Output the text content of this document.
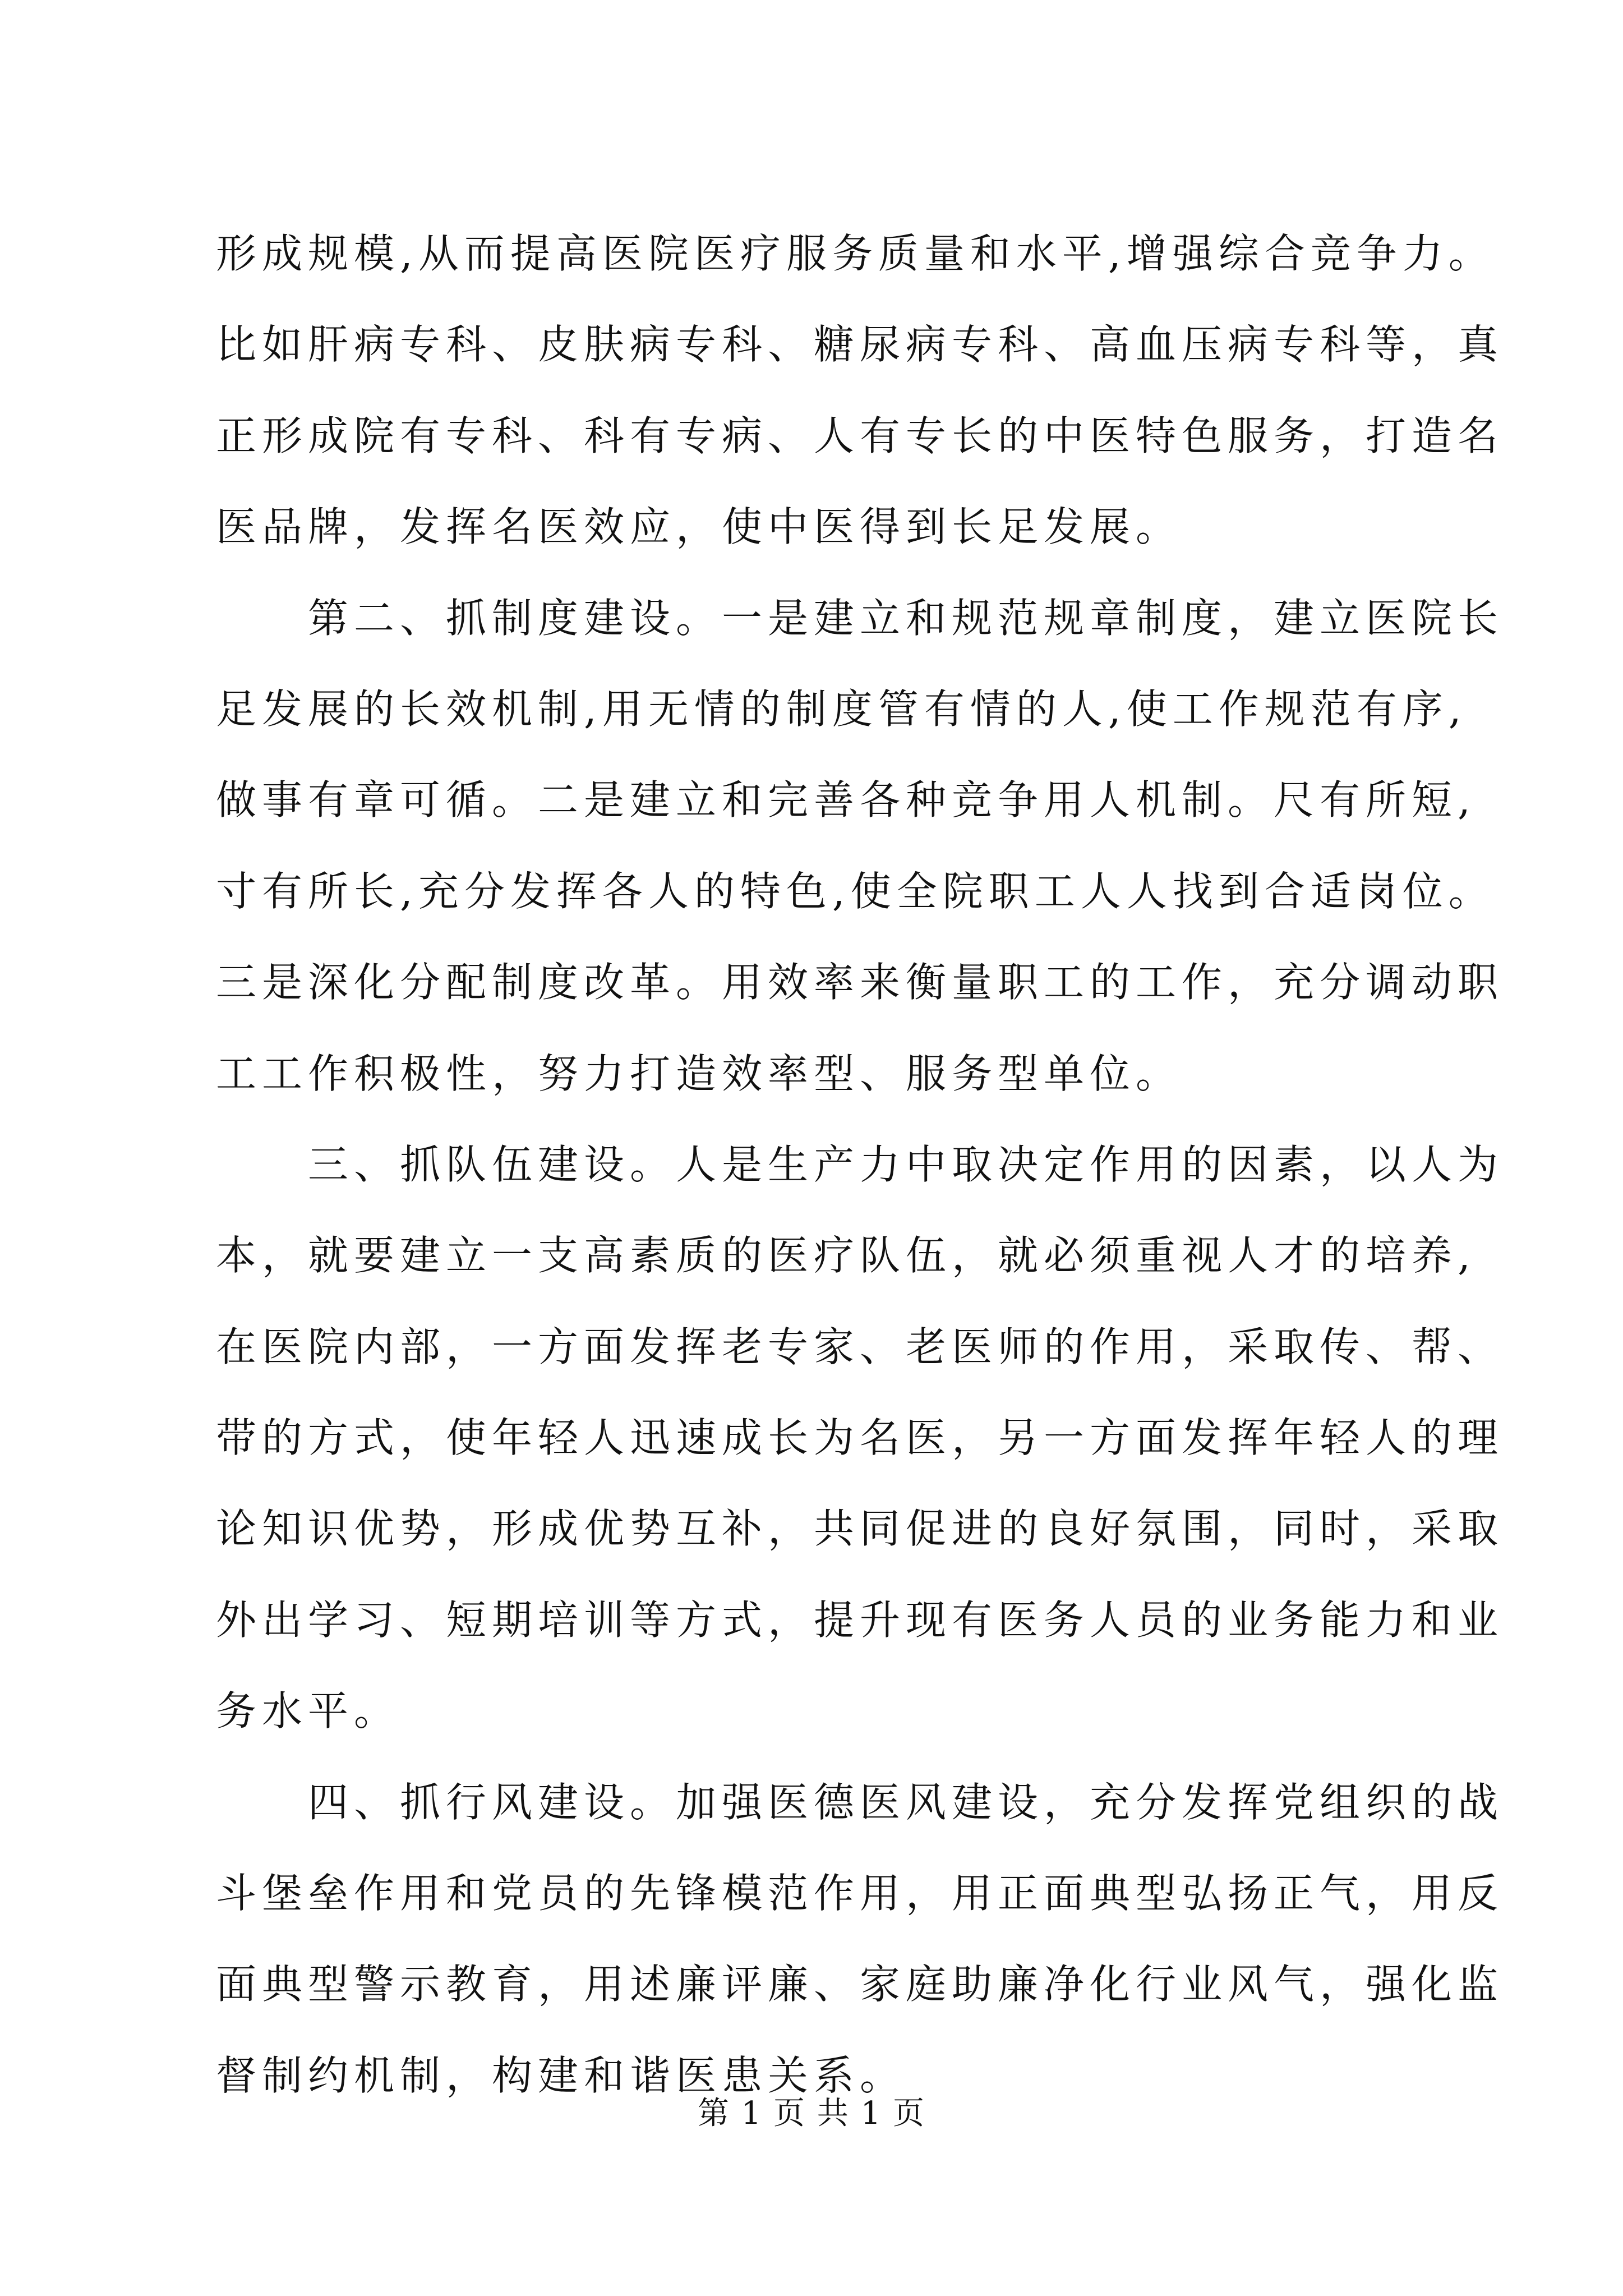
形成规模,从而提高医院医疗服务质量和水平,增强综合竞争力。
比如肝病专科、皮肤病专科、糖尿病专科、高血压病专科等，真
正形成院有专科、科有专病、人有专长的中医特色服务，打造名
医品牌，发挥名医效应，使中医得到长足发展。
　　第二、抓制度建设。一是建立和规范规章制度，建立医院长
足发展的长效机制,用无情的制度管有情的人,使工作规范有序,
做事有章可循。二是建立和完善各种竞争用人机制。尺有所短,
寸有所长,充分发挥各人的特色,使全院职工人人找到合适岗位。
三是深化分配制度改革。用效率来衡量职工的工作，充分调动职
工工作积极性，努力打造效率型、服务型单位。
　　三、抓队伍建设。人是生产力中取决定作用的因素，以人为
本，就要建立一支高素质的医疗队伍，就必须重视人才的培养,
在医院内部，一方面发挥老专家、老医师的作用，采取传、帮、
带的方式，使年轻人迅速成长为名医，另一方面发挥年轻人的理
论知识优势，形成优势互补，共同促进的良好氛围，同时，采取
外出学习、短期培训等方式，提升现有医务人员的业务能力和业
务水平。
　　四、抓行风建设。加强医德医风建设，充分发挥党组织的战
斗堡垒作用和党员的先锋模范作用，用正面典型弘扬正气，用反
面典型警示教育，用述廉评廉、家庭助廉净化行业风气，强化监
督制约机制，构建和谐医患关系。
第 1 页 共 1 页
